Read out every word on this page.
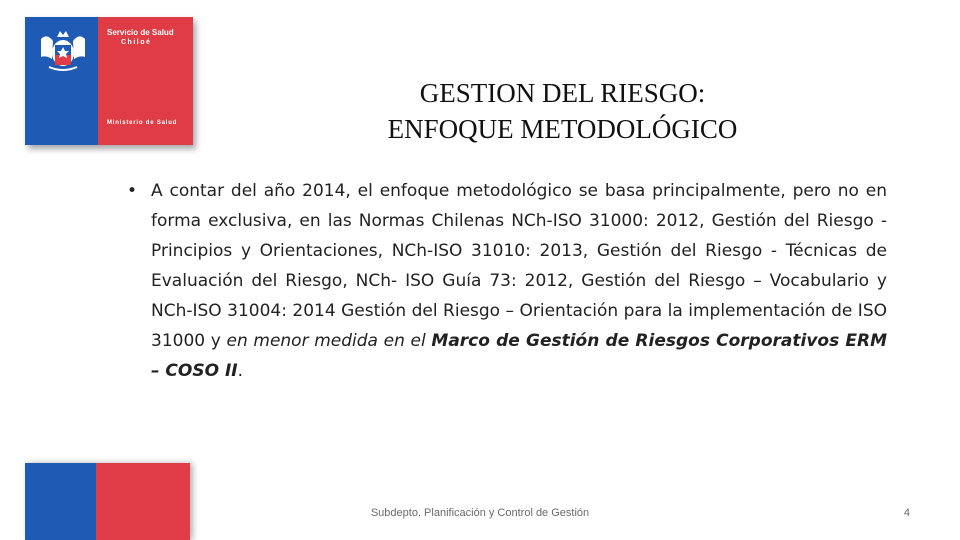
Servicio de Salud
Chiloé
Ministerio de Salud
GESTION DEL RIESGO:
ENFOQUE METODOLÓGICO
• A contar del año 2014, el enfoque metodológico se basa principalmente, pero no en forma exclusiva, en las Normas Chilenas NCh-ISO 31000: 2012, Gestión del Riesgo - Principios y Orientaciones, NCh-ISO 31010: 2013, Gestión del Riesgo - Técnicas de Evaluación del Riesgo, NCh- ISO Guía 73: 2012, Gestión del Riesgo – Vocabulario y NCh-ISO 31004: 2014 Gestión del Riesgo – Orientación para la implementación de ISO 31000 y en menor medida en el Marco de Gestión de Riesgos Corporativos ERM – COSO II.
Subdepto. Planificación y Control de Gestión	4
